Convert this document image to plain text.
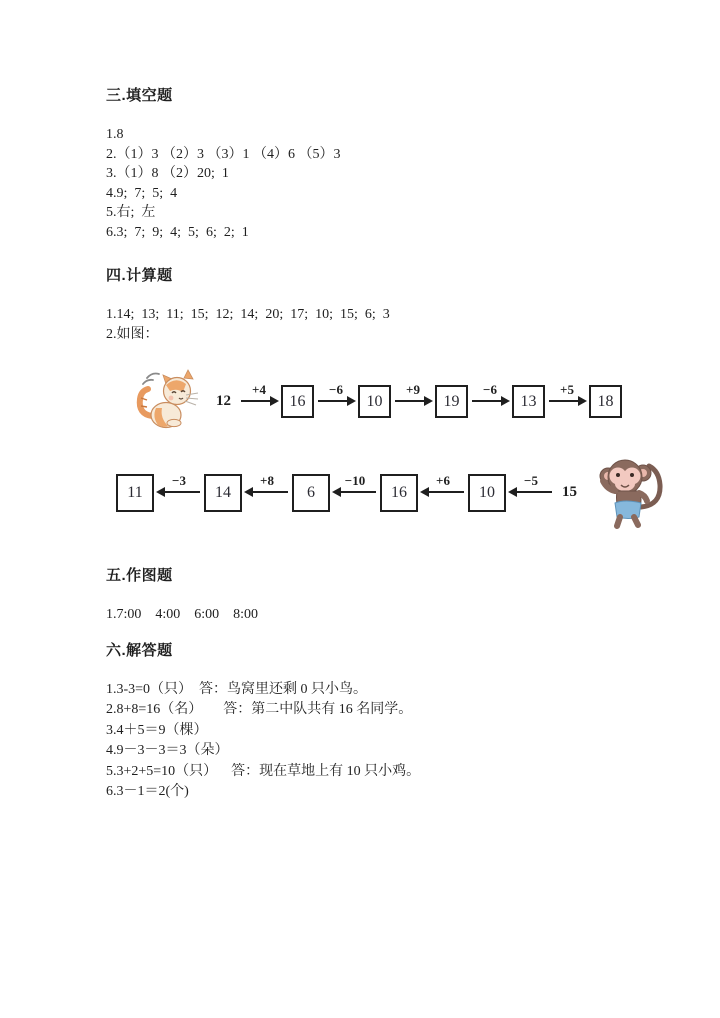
三.填空题
1.8
2.（1）3 （2）3 （3）1 （4）6 （5）3
3.（1）8 （2）20;  1
4.9;  7;  5;  4
5.右;  左
6.3;  7;  9;  4;  5;  6;  2;  1
四.计算题
1.14;  13;  11;  15;  12;  14;  20;  17;  10;  15;  6;  3
2.如图：
12
+4
16
−6
10
+9
19
−6
13
+5
18
11
−3
14
+8
6
−10
16
+6
10
−5
15
五.作图题
1.7:00    4:00    6:00    8:00
六.解答题
1.3-3=0（只）  答：鸟窝里还剩 0 只小鸟。
2.8+8=16（名）      答：第二中队共有 16 名同学。
3.4＋5＝9（棵）
4.9－3－3＝3（朵）
5.3+2+5=10（只）    答：现在草地上有 10 只小鸡。
6.3－1＝2(个)
